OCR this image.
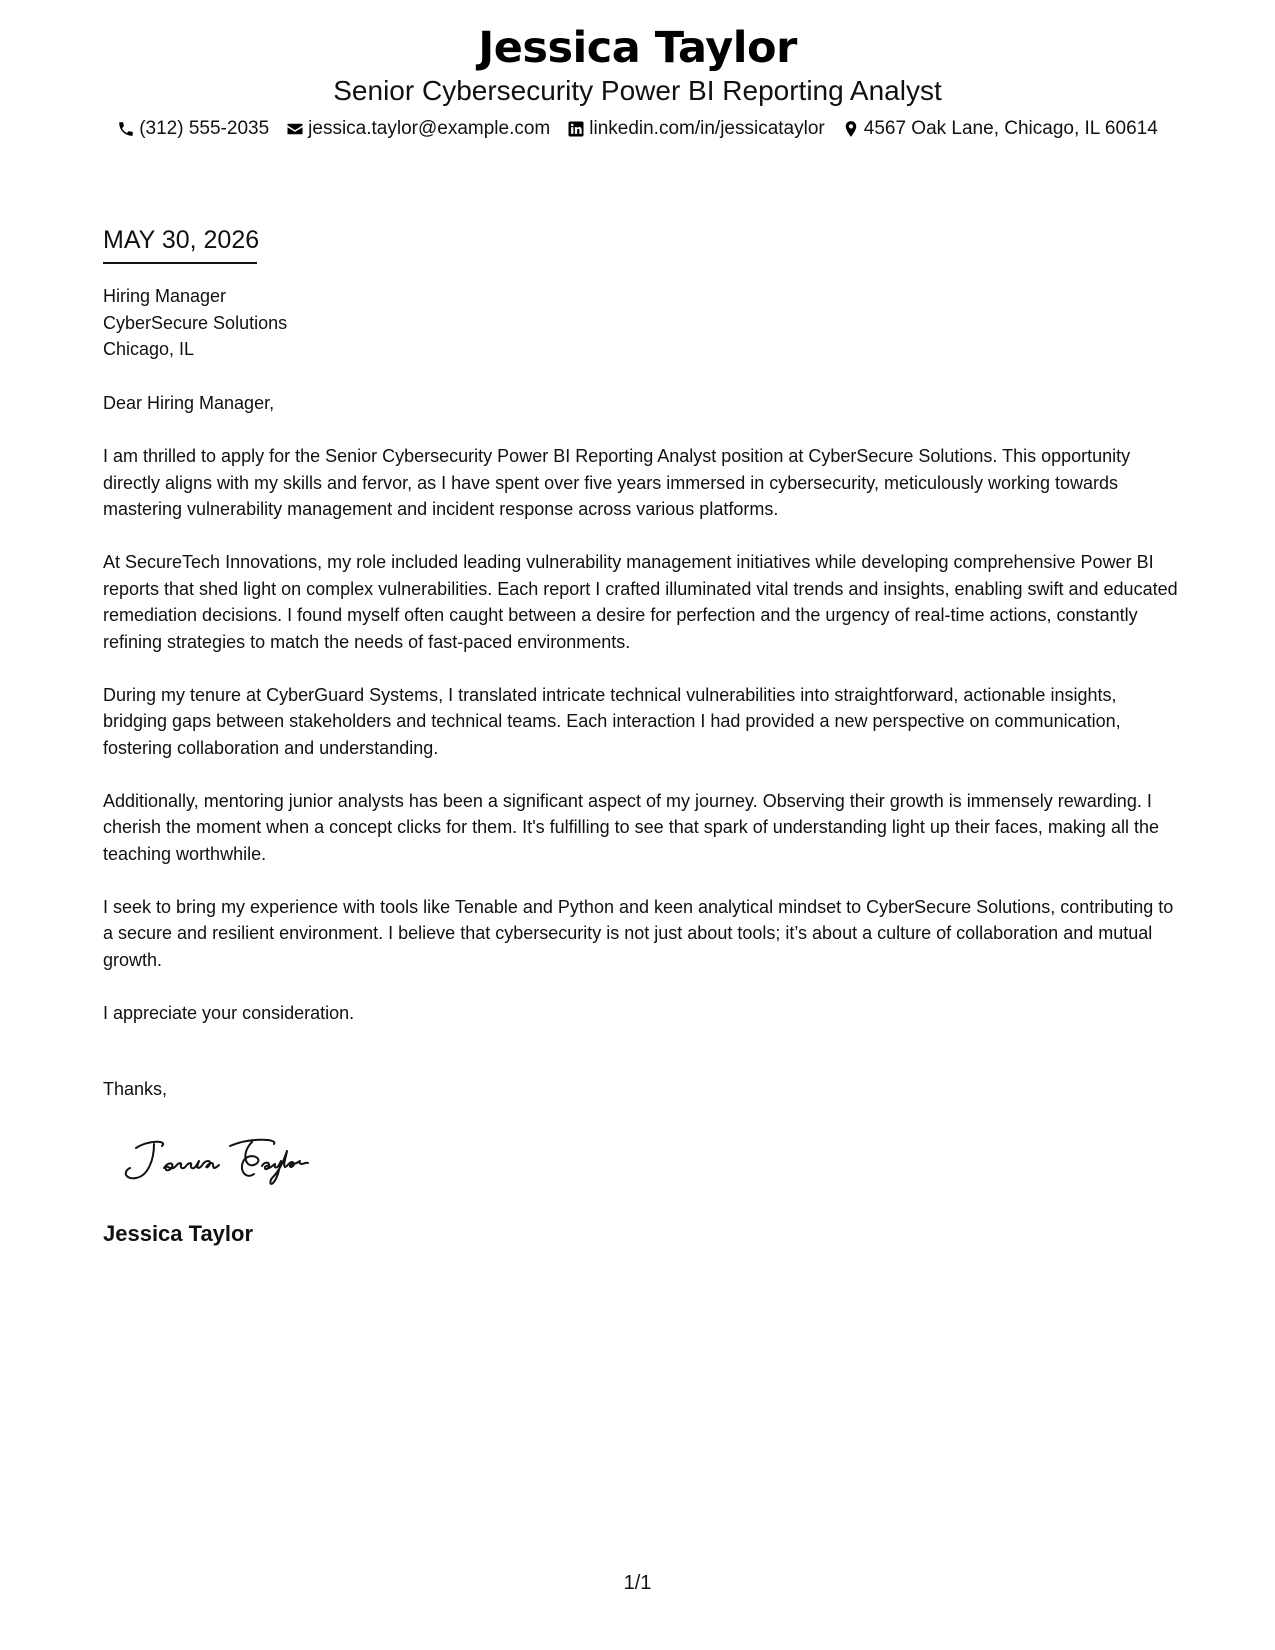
Jessica Taylor
Senior Cybersecurity Power BI Reporting Analyst
(312) 555-2035 jessica.taylor@example.com linkedin.com/in/jessicataylor 4567 Oak Lane, Chicago, IL 60614
MAY 30, 2026
Hiring Manager
CyberSecure Solutions
Chicago, IL
Dear Hiring Manager,

I am thrilled to apply for the Senior Cybersecurity Power BI Reporting Analyst position at CyberSecure Solutions. This opportunity directly aligns with my skills and fervor, as I have spent over five years immersed in cybersecurity, meticulously working towards mastering vulnerability management and incident response across various platforms.

At SecureTech Innovations, my role included leading vulnerability management initiatives while developing comprehensive Power BI reports that shed light on complex vulnerabilities. Each report I crafted illuminated vital trends and insights, enabling swift and educated remediation decisions. I found myself often caught between a desire for perfection and the urgency of real-time actions, constantly refining strategies to match the needs of fast-paced environments.

During my tenure at CyberGuard Systems, I translated intricate technical vulnerabilities into straightforward, actionable insights, bridging gaps between stakeholders and technical teams. Each interaction I had provided a new perspective on communication, fostering collaboration and understanding.

Additionally, mentoring junior analysts has been a significant aspect of my journey. Observing their growth is immensely rewarding. I cherish the moment when a concept clicks for them. It's fulfilling to see that spark of understanding light up their faces, making all the teaching worthwhile.

I seek to bring my experience with tools like Tenable and Python and keen analytical mindset to CyberSecure Solutions, contributing to a secure and resilient environment. I believe that cybersecurity is not just about tools; it’s about a culture of collaboration and mutual growth.

I appreciate your consideration.

Thanks,
Jessica Taylor
1/1
